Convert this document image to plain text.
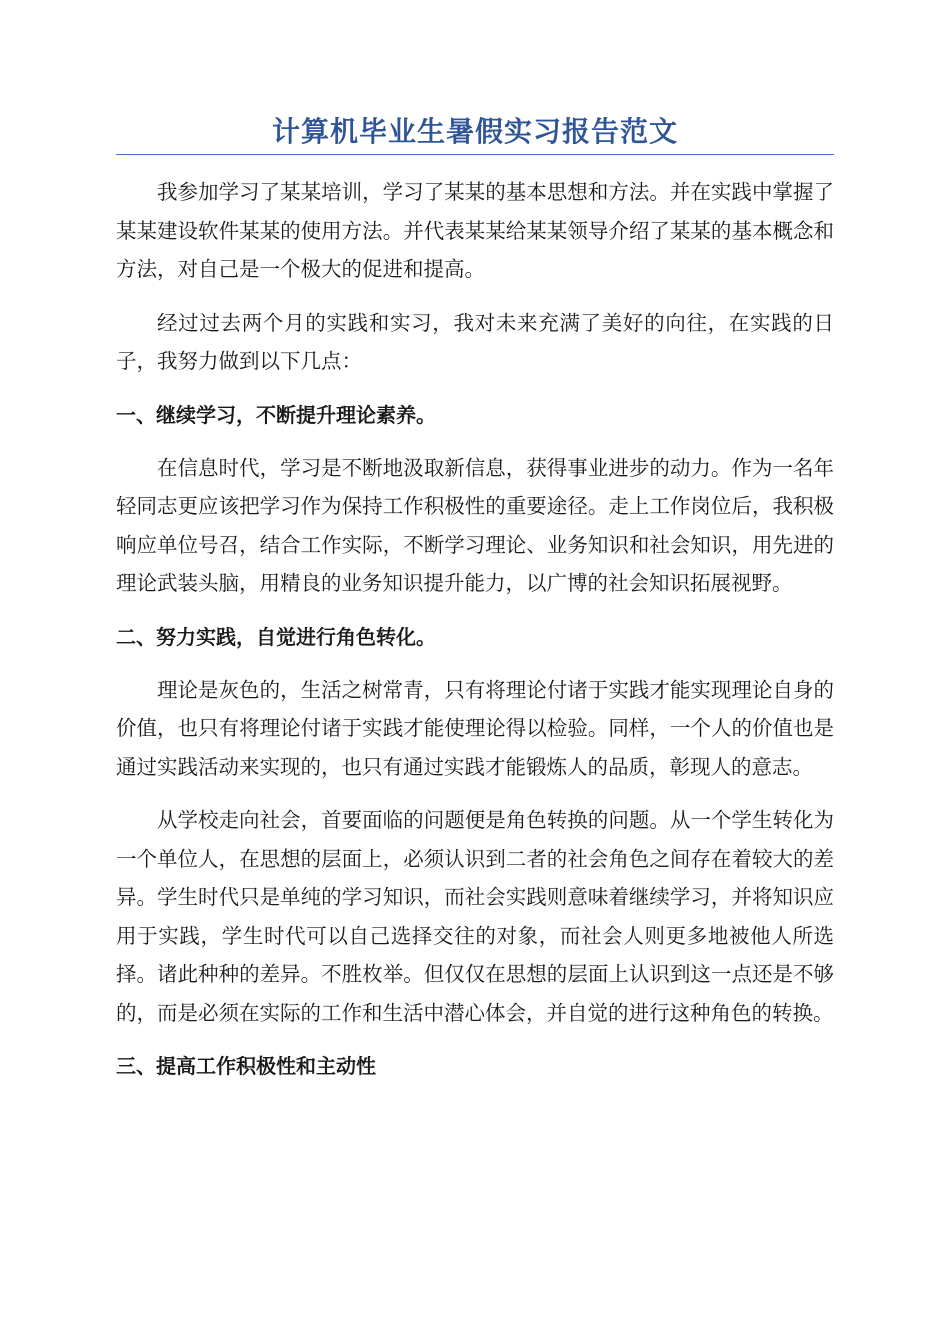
计算机毕业生暑假实习报告范文

我参加学习了某某培训，学习了某某的基本思想和方法。并在实践中掌握了某某建设软件某某的使用方法。并代表某某给某某领导介绍了某某的基本概念和方法，对自己是一个极大的促进和提高。

经过过去两个月的实践和实习，我对未来充满了美好的向往，在实践的日子，我努力做到以下几点：

一、继续学习，不断提升理论素养。

在信息时代，学习是不断地汲取新信息，获得事业进步的动力。作为一名年轻同志更应该把学习作为保持工作积极性的重要途径。走上工作岗位后，我积极响应单位号召，结合工作实际，不断学习理论、业务知识和社会知识，用先进的理论武装头脑，用精良的业务知识提升能力，以广博的社会知识拓展视野。

二、努力实践，自觉进行角色转化。

理论是灰色的，生活之树常青，只有将理论付诸于实践才能实现理论自身的价值，也只有将理论付诸于实践才能使理论得以检验。同样，一个人的价值也是通过实践活动来实现的，也只有通过实践才能锻炼人的品质，彰现人的意志。

从学校走向社会，首要面临的问题便是角色转换的问题。从一个学生转化为一个单位人，在思想的层面上，必须认识到二者的社会角色之间存在着较大的差异。学生时代只是单纯的学习知识，而社会实践则意味着继续学习，并将知识应用于实践，学生时代可以自己选择交往的对象，而社会人则更多地被他人所选择。诸此种种的差异。不胜枚举。但仅仅在思想的层面上认识到这一点还是不够的，而是必须在实际的工作和生活中潜心体会，并自觉的进行这种角色的转换。

三、提高工作积极性和主动性
